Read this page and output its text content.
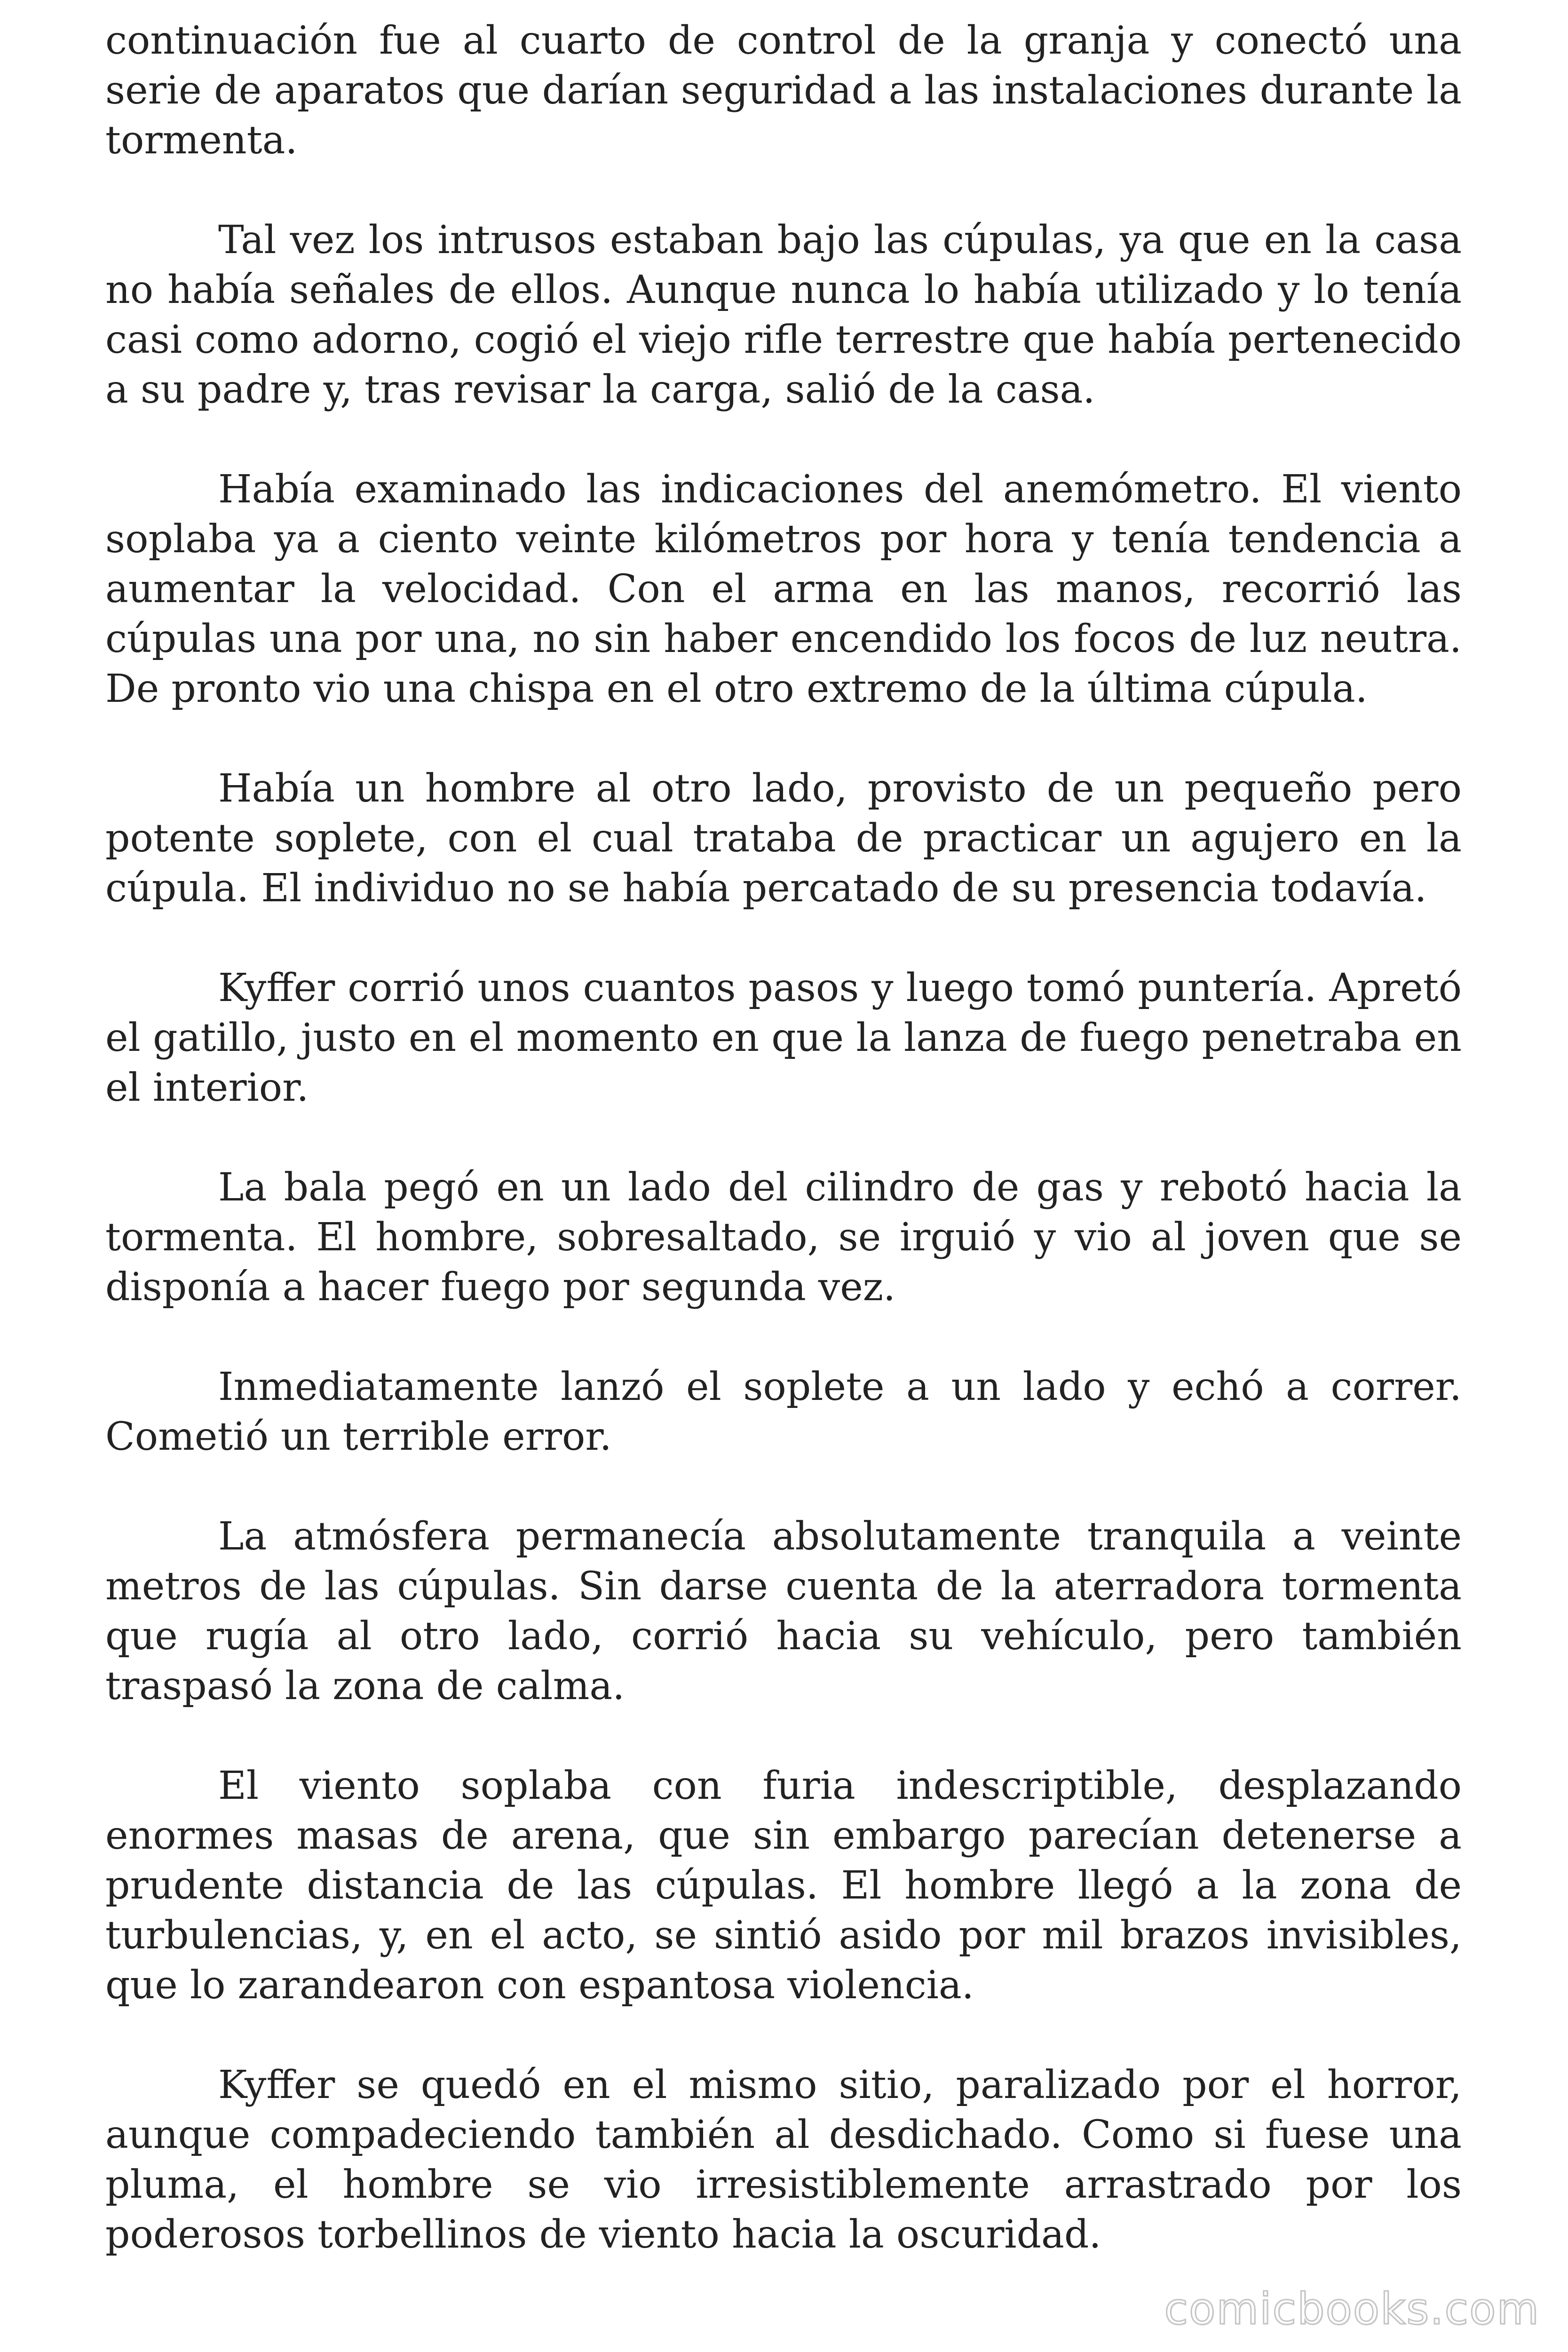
continuación fue al cuarto de control de la granja y conectó una serie de aparatos que darían seguridad a las instalaciones durante la tormenta.

Tal vez los intrusos estaban bajo las cúpulas, ya que en la casa no había señales de ellos. Aunque nunca lo había utilizado y lo tenía casi como adorno, cogió el viejo rifle terrestre que había pertenecido a su padre y, tras revisar la carga, salió de la casa.

Había examinado las indicaciones del anemómetro. El viento soplaba ya a ciento veinte kilómetros por hora y tenía tendencia a aumentar la velocidad. Con el arma en las manos, recorrió las cúpulas una por una, no sin haber encendido los focos de luz neutra. De pronto vio una chispa en el otro extremo de la última cúpula.

Había un hombre al otro lado, provisto de un pequeño pero potente soplete, con el cual trataba de practicar un agujero en la cúpula. El individuo no se había percatado de su presencia todavía.

Kyffer corrió unos cuantos pasos y luego tomó puntería. Apretó el gatillo, justo en el momento en que la lanza de fuego penetraba en el interior.

La bala pegó en un lado del cilindro de gas y rebotó hacia la tormenta. El hombre, sobresaltado, se irguió y vio al joven que se disponía a hacer fuego por segunda vez.

Inmediatamente lanzó el soplete a un lado y echó a correr. Cometió un terrible error.

La atmósfera permanecía absolutamente tranquila a veinte metros de las cúpulas. Sin darse cuenta de la aterradora tormenta que rugía al otro lado, corrió hacia su vehículo, pero también traspasó la zona de calma.

El viento soplaba con furia indescriptible, desplazando enormes masas de arena, que sin embargo parecían detenerse a prudente distancia de las cúpulas. El hombre llegó a la zona de turbulencias, y, en el acto, se sintió asido por mil brazos invisibles, que lo zarandearon con espantosa violencia.

Kyffer se quedó en el mismo sitio, paralizado por el horror, aunque compadeciendo también al desdichado. Como si fuese una pluma, el hombre se vio irresistiblemente arrastrado por los poderosos torbellinos de viento hacia la oscuridad.

comicbooks.com
